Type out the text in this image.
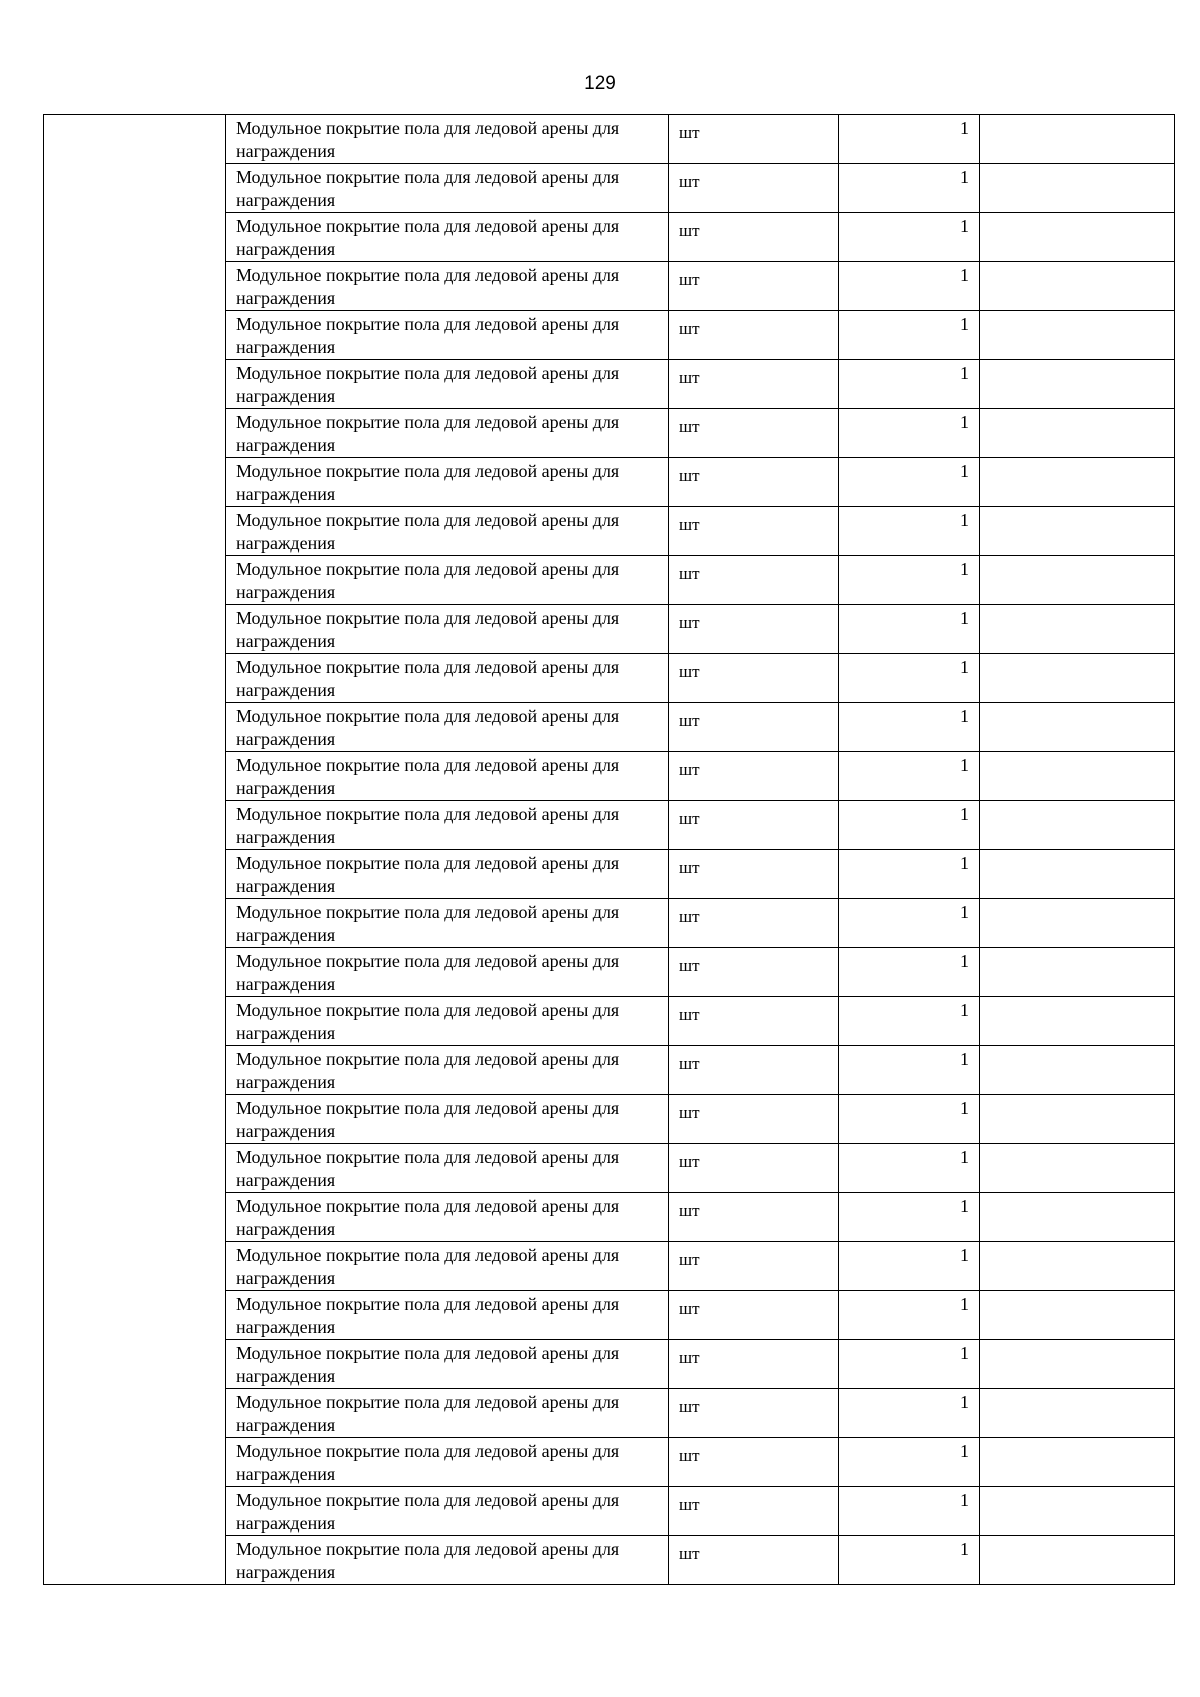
129

	Модульное покрытие пола для ледовой арены для награждения	шт	1	

	Модульное покрытие пола для ледовой арены для награждения	шт	1	

	Модульное покрытие пола для ледовой арены для награждения	шт	1	

	Модульное покрытие пола для ледовой арены для награждения	шт	1	

	Модульное покрытие пола для ледовой арены для награждения	шт	1	

	Модульное покрытие пола для ледовой арены для награждения	шт	1	

	Модульное покрытие пола для ледовой арены для награждения	шт	1	

	Модульное покрытие пола для ледовой арены для награждения	шт	1	

	Модульное покрытие пола для ледовой арены для награждения	шт	1	

	Модульное покрытие пола для ледовой арены для награждения	шт	1	

	Модульное покрытие пола для ледовой арены для награждения	шт	1	

	Модульное покрытие пола для ледовой арены для награждения	шт	1	

	Модульное покрытие пола для ледовой арены для награждения	шт	1	

	Модульное покрытие пола для ледовой арены для награждения	шт	1	

	Модульное покрытие пола для ледовой арены для награждения	шт	1	

	Модульное покрытие пола для ледовой арены для награждения	шт	1	

	Модульное покрытие пола для ледовой арены для награждения	шт	1	

	Модульное покрытие пола для ледовой арены для награждения	шт	1	

	Модульное покрытие пола для ледовой арены для награждения	шт	1	

	Модульное покрытие пола для ледовой арены для награждения	шт	1	

	Модульное покрытие пола для ледовой арены для награждения	шт	1	

	Модульное покрытие пола для ледовой арены для награждения	шт	1	

	Модульное покрытие пола для ледовой арены для награждения	шт	1	

	Модульное покрытие пола для ледовой арены для награждения	шт	1	

	Модульное покрытие пола для ледовой арены для награждения	шт	1	

	Модульное покрытие пола для ледовой арены для награждения	шт	1	

	Модульное покрытие пола для ледовой арены для награждения	шт	1	

	Модульное покрытие пола для ледовой арены для награждения	шт	1	

	Модульное покрытие пола для ледовой арены для награждения	шт	1	

	Модульное покрытие пола для ледовой арены для награждения	шт	1	
